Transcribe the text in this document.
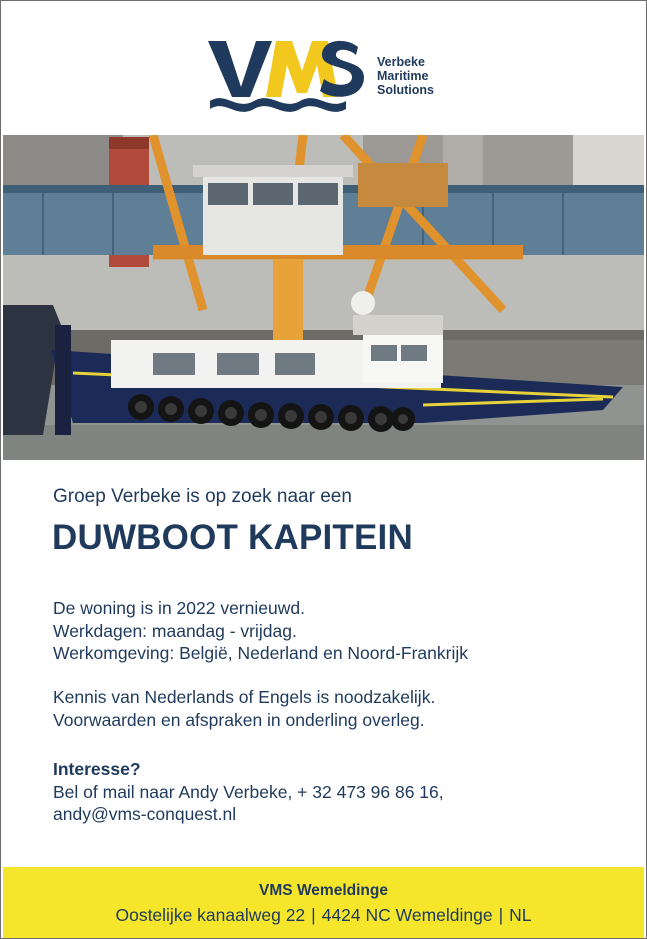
Verbeke
Maritime
Solutions
Groep Verbeke is op zoek naar een
DUWBOOT KAPITEIN
De woning is in 2022 vernieuwd.
Werkdagen: maandag - vrijdag.
Werkomgeving: België, Nederland en Noord-Frankrijk
Kennis van Nederlands of Engels is noodzakelijk.
Voorwaarden en afspraken in onderling overleg.
Interesse?
Bel of mail naar Andy Verbeke, + 32 473 96 86 16,
andy@vms-conquest.nl
VMS Wemeldinge
Oostelijke kanaalweg 22 | 4424 NC Wemeldinge | NL
